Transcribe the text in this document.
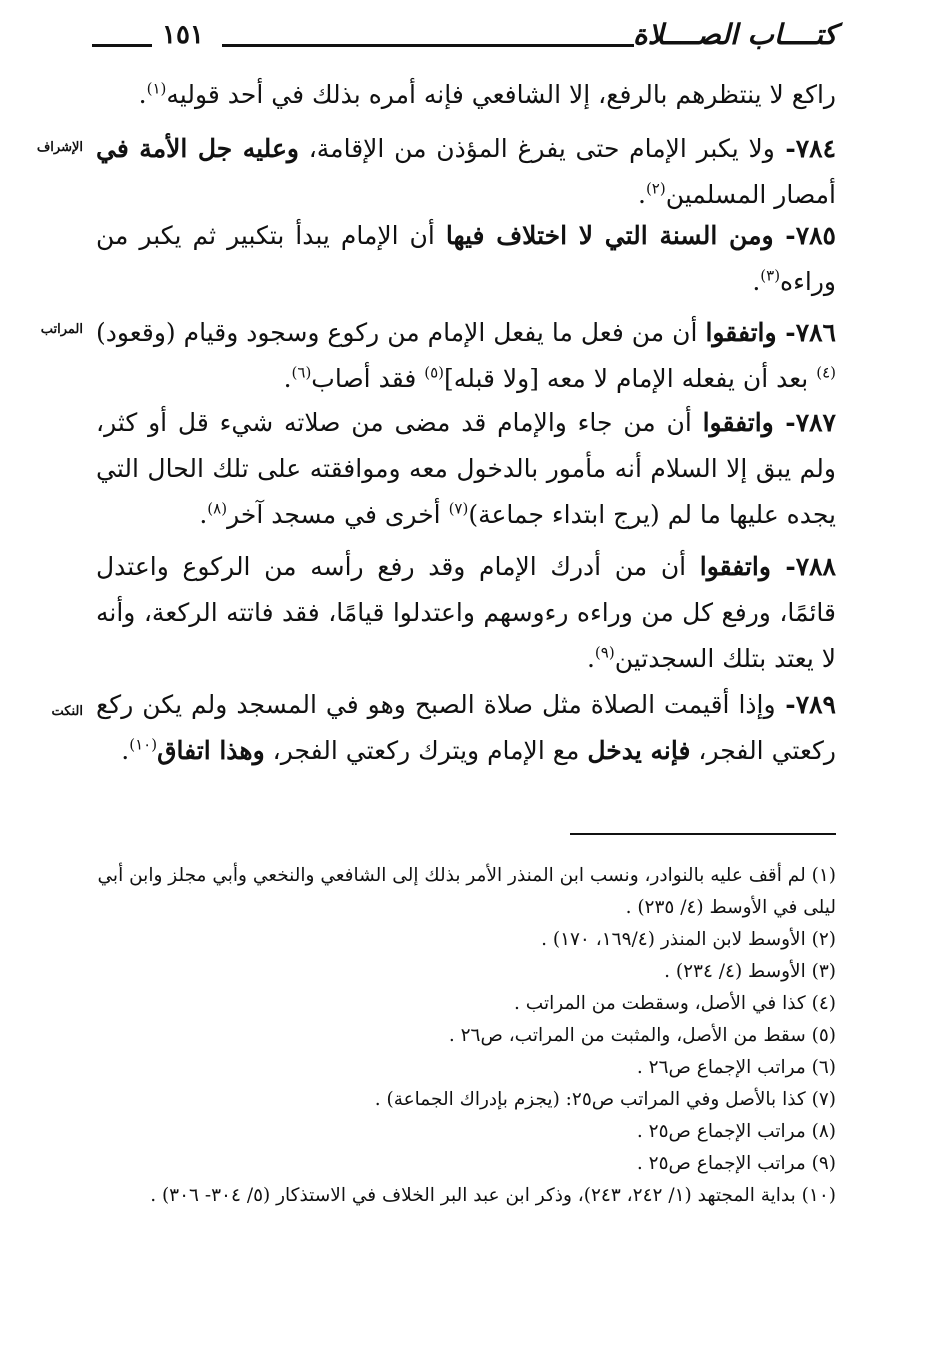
١٥١	كتــــاب الصــــلاة
راكع لا ينتظرهم بالرفع، إلا الشافعي فإنه أمره بذلك في أحد قوليه$^{(١)}$.
٧٨٤- ولا يكبر الإمام حتى يفرغ المؤذن من الإقامة، وعليه جل الأمة في أمصار المسلمين$^{(٢)}$.
الإشراف
٧٨٥- ومن السنة التي لا اختلاف فيها أن الإمام يبدأ بتكبير ثم يكبر من وراءه$^{(٣)}$.
٧٨٦- واتفقوا أن من فعل ما يفعل الإمام من ركوع وسجود وقيام (وقعود)$^{(٤)}$ بعد أن يفعله الإمام لا معه [ولا قبله]$^{(٥)}$ فقد أصاب$^{(٦)}$.
المراتب
٧٨٧- واتفقوا أن من جاء والإمام قد مضى من صلاته شيء قل أو كثر، ولم يبق إلا السلام أنه مأمور بالدخول معه وموافقته على تلك الحال التي يجده عليها ما لم (يرج ابتداء جماعة)$^{(٧)}$ أخرى في مسجد آخر$^{(٨)}$.
٧٨٨- واتفقوا أن من أدرك الإمام وقد رفع رأسه من الركوع واعتدل قائمًا، ورفع كل من وراءه رءوسهم واعتدلوا قيامًا، فقد فاتته الركعة، وأنه لا يعتد بتلك السجدتين$^{(٩)}$.
٧٨٩- وإذا أقيمت الصلاة مثل صلاة الصبح وهو في المسجد ولم يكن ركع ركعتي الفجر، فإنه يدخل مع الإمام ويترك ركعتي الفجر، وهذا اتفاق$^{(١٠)}$.
النكت
(١) لم أقف عليه بالنوادر، ونسب ابن المنذر الأمر بذلك إلى الشافعي والنخعي وأبي مجلز وابن أبي ليلى في الأوسط (٤/ ٢٣٥) .
(٢) الأوسط لابن المنذر (١٦٩/٤، ١٧٠) .
(٣) الأوسط (٤/ ٢٣٤) .
(٤) كذا في الأصل، وسقطت من المراتب .
(٥) سقط من الأصل، والمثبت من المراتب، ص٢٦ .
(٦) مراتب الإجماع ص٢٦ .
(٧) كذا بالأصل وفي المراتب ص٢٥: (يجزم بإدراك الجماعة) .
(٨) مراتب الإجماع ص٢٥ .
(٩) مراتب الإجماع ص٢٥ .
(١٠) بداية المجتهد (١/ ٢٤٢، ٢٤٣)، وذكر ابن عبد البر الخلاف في الاستذكار (٥/ ٣٠٤- ٣٠٦) .
